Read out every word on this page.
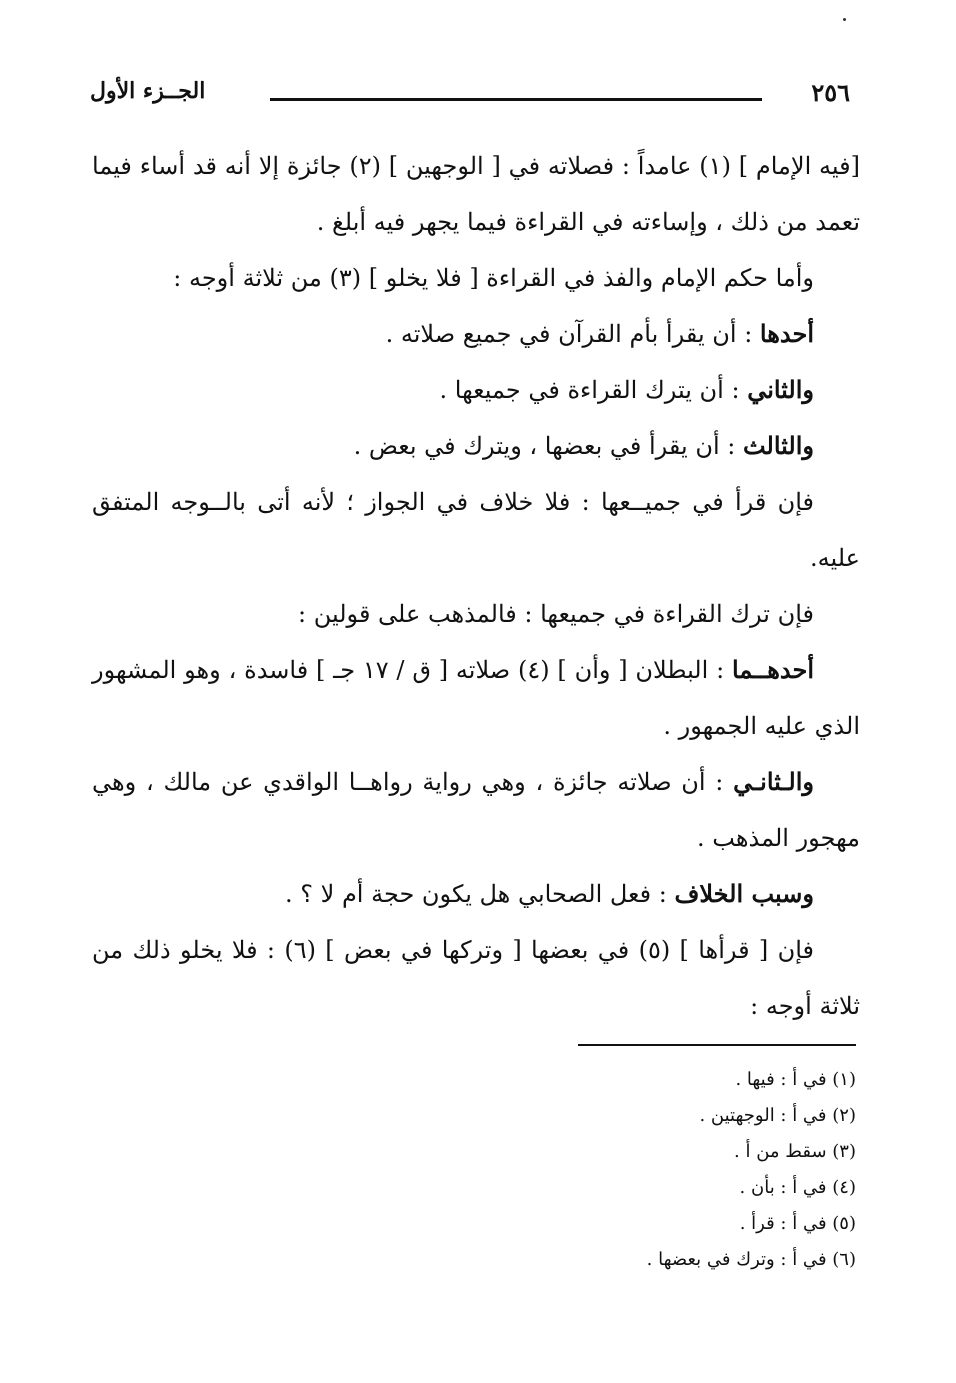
٢٥٦
الجــزء الأول

[فيه الإمام ] (١) عامداً : فصلاته في [ الوجهين ] (٢) جائزة إلا أنه قد أساء فيما تعمد من ذلك ، وإساءته في القراءة فيما يجهر فيه أبلغ .

وأما حكم الإمام والفذ في القراءة [ فلا يخلو ] (٣) من ثلاثة أوجه :

أحدها : أن يقرأ بأم القرآن في جميع صلاته .

والثاني : أن يترك القراءة في جميعها .

والثالث : أن يقرأ في بعضها ، ويترك في بعض .

فإن قرأ في جميــعها : فلا خلاف في الجواز ؛ لأنه أتى بالــوجه المتفق عليه.

فإن ترك القراءة في جميعها : فالمذهب على قولين :

أحدهــما : البطلان [ وأن ] (٤) صلاته [ ق / ١٧ جـ ] فاسدة ، وهو المشهور الذي عليه الجمهور .

والـثانـي : أن صلاته جائزة ، وهي رواية رواهــا الواقدي عن مالك ، وهي مهجور المذهب .

وسبب الخلاف : فعل الصحابي هل يكون حجة أم لا ؟ .

فإن [ قرأها ] (٥) في بعضها [ وتركها في بعض ] (٦) : فلا يخلو ذلك من ثلاثة أوجه :

(١) في أ : فيها .
(٢) في أ : الوجهتين .
(٣) سقط من أ .
(٤) في أ : بأن .
(٥) في أ : قرأ .
(٦) في أ : وترك في بعضها .
